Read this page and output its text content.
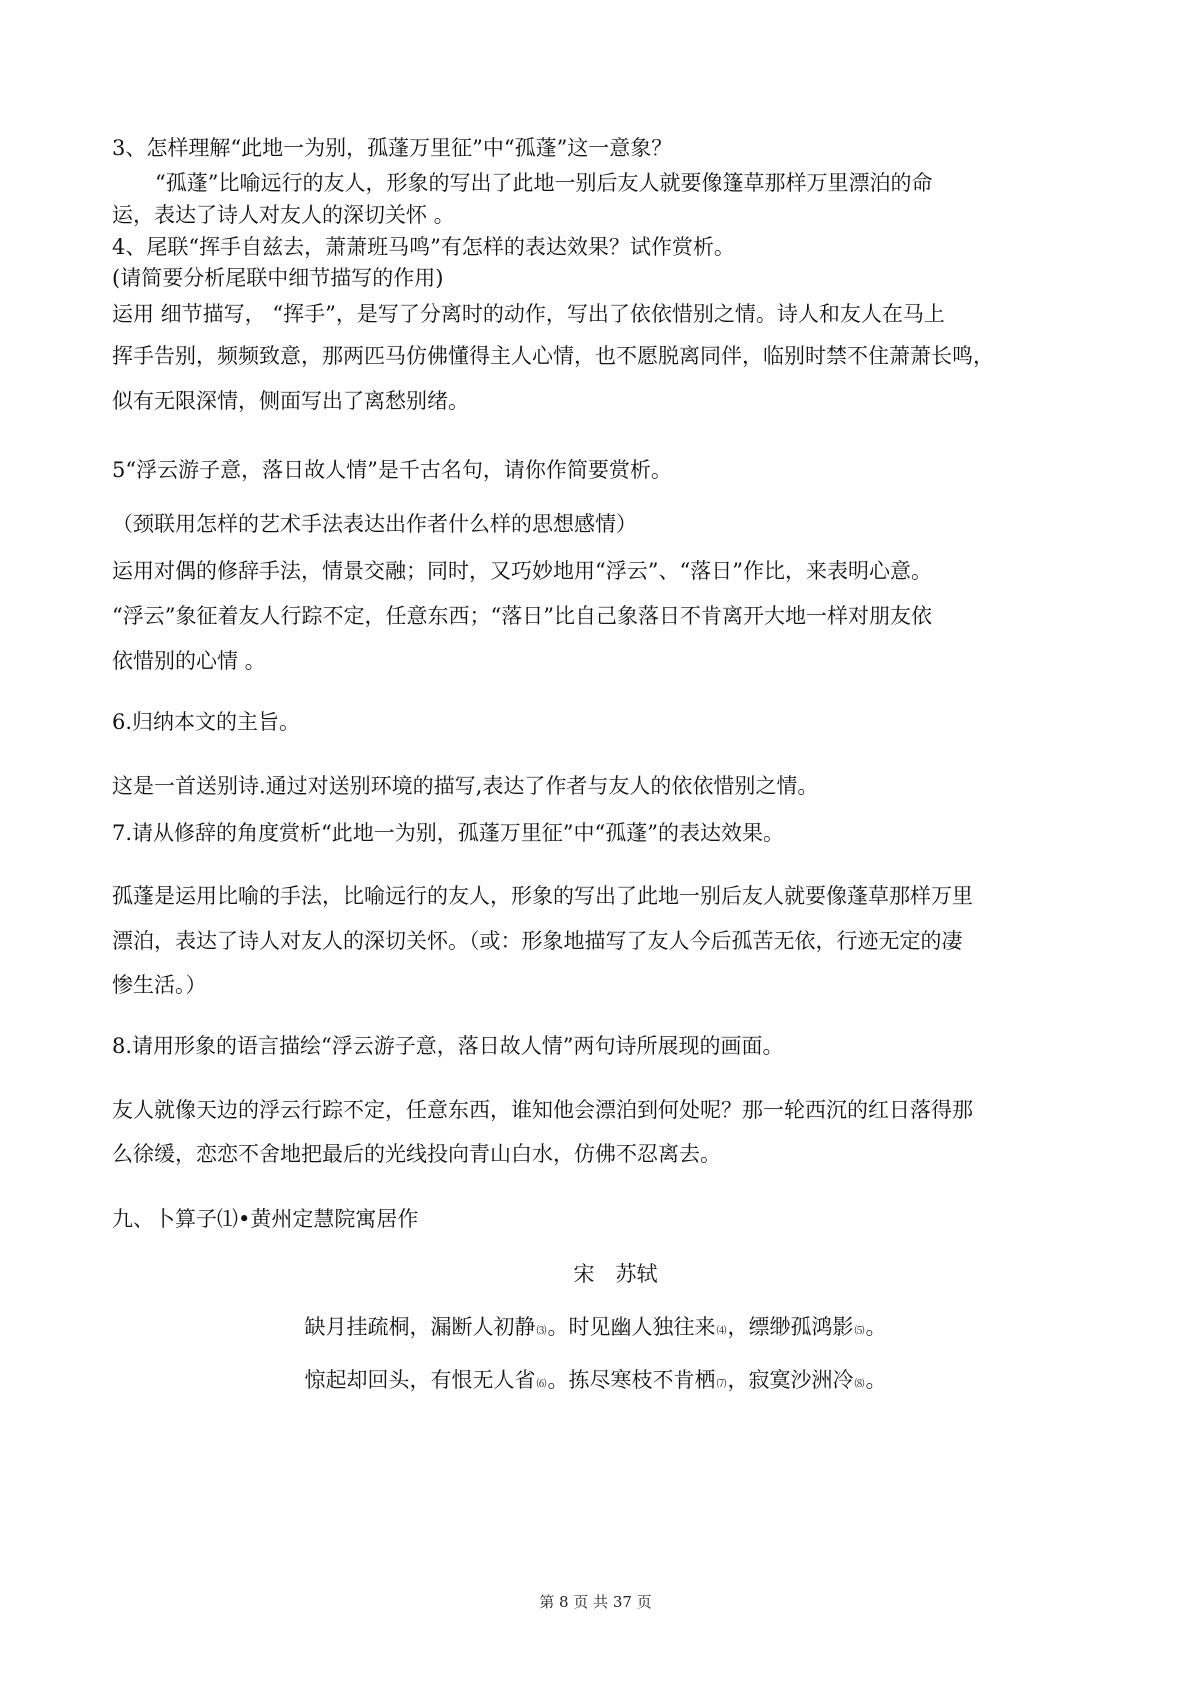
3、怎样理解“此地一为别，孤蓬万里征”中“孤蓬”这一意象？

“孤蓬”比喻远行的友人，形象的写出了此地一别后友人就要像篷草那样万里漂泊的命

运，表达了诗人对友人的深切关怀 。

4、尾联“挥手自兹去，萧萧班马鸣”有怎样的表达效果？试作赏析。

(请简要分析尾联中细节描写的作用)

运用 细节描写， “挥手”，是写了分离时的动作，写出了依依惜别之情。诗人和友人在马上

挥手告别，频频致意，那两匹马仿佛懂得主人心情，也不愿脱离同伴，临别时禁不住萧萧长鸣，

似有无限深情，侧面写出了离愁别绪。

5“浮云游子意，落日故人情”是千古名句，请你作简要赏析。

（颈联用怎样的艺术手法表达出作者什么样的思想感情）

运用对偶的修辞手法，情景交融；同时，又巧妙地用“浮云”、“落日”作比，来表明心意。

“浮云”象征着友人行踪不定，任意东西；“落日”比自己象落日不肯离开大地一样对朋友依

依惜别的心情 。

6.归纳本文的主旨。

这是一首送别诗.通过对送别环境的描写,表达了作者与友人的依依惜别之情。

7.请从修辞的角度赏析“此地一为别，孤蓬万里征”中“孤蓬”的表达效果。

孤蓬是运用比喻的手法，比喻远行的友人，形象的写出了此地一别后友人就要像蓬草那样万里

漂泊，表达了诗人对友人的深切关怀。（或：形象地描写了友人今后孤苦无依，行迹无定的凄

惨生活。）

8.请用形象的语言描绘“浮云游子意，落日故人情”两句诗所展现的画面。

友人就像天边的浮云行踪不定，任意东西，谁知他会漂泊到何处呢？那一轮西沉的红日落得那

么徐缓，恋恋不舍地把最后的光线投向青山白水，仿佛不忍离去。

九、卜算子⑴•黄州定慧院寓居作

宋　苏轼

缺月挂疏桐，漏断人初静⑶。时见幽人独往来⑷，缥缈孤鸿影⑸。

惊起却回头，有恨无人省⑹。拣尽寒枝不肯栖⑺，寂寞沙洲冷⑻。

第 8 页 共 37 页
